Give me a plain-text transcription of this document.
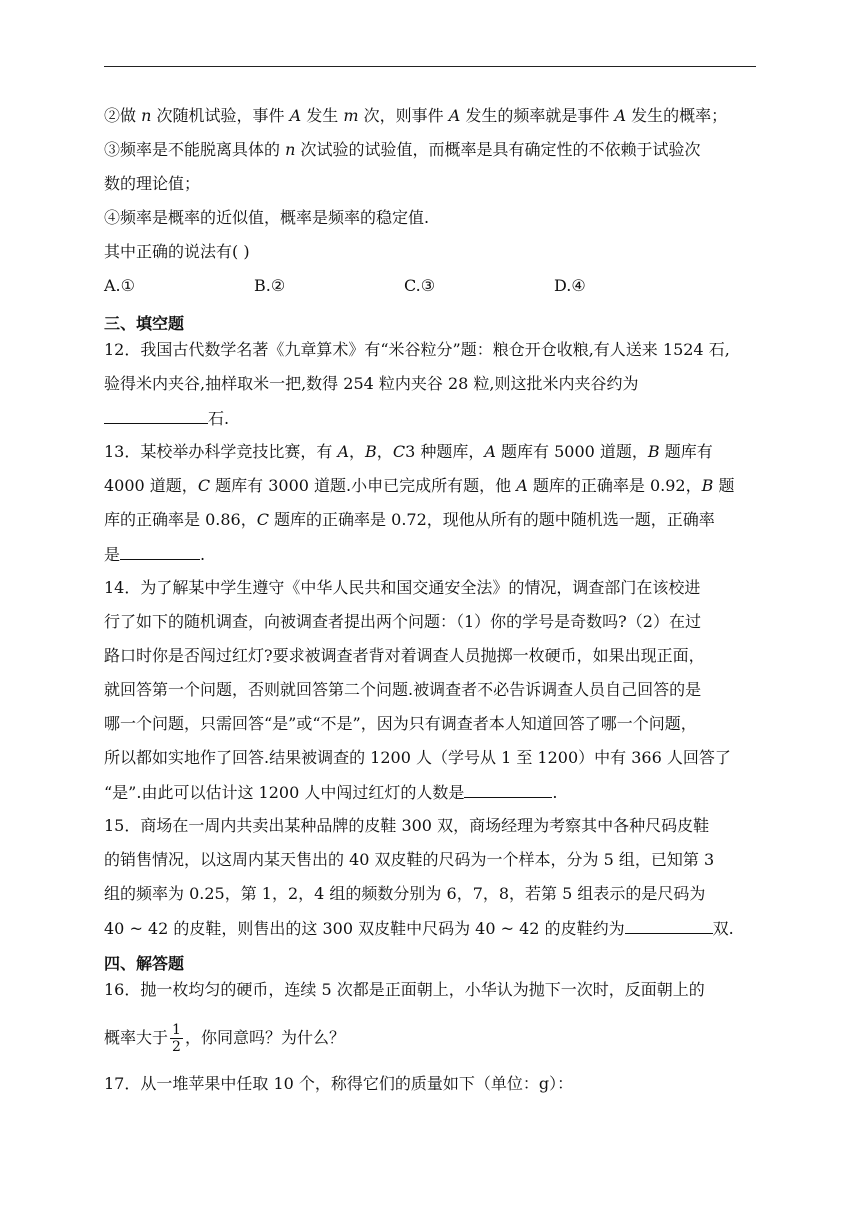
②做 n 次随机试验，事件 A 发生 m 次，则事件 A 发生的频率就是事件 A 发生的概率；
③频率是不能脱离具体的 n 次试验的试验值，而概率是具有确定性的不依赖于试验次
数的理论值；
④频率是概率的近似值，概率是频率的稳定值.
其中正确的说法有( )
A.①	B.②	C.③	D.④
三、填空题
12．我国古代数学名著《九章算术》有“米谷粒分”题：粮仓开仓收粮,有人送来 1524 石,
验得米内夹谷,抽样取米一把,数得 254 粒内夹谷 28 粒,则这批米内夹谷约为
石.
13．某校举办科学竞技比赛，有 A，B，C3 种题库，A 题库有 5000 道题，B 题库有
4000 道题，C 题库有 3000 道题.小申已完成所有题，他 A 题库的正确率是 0.92，B 题
库的正确率是 0.86，C 题库的正确率是 0.72，现他从所有的题中随机选一题，正确率
是	.
14．为了解某中学生遵守《中华人民共和国交通安全法》的情况，调查部门在该校进
行了如下的随机调查，向被调查者提出两个问题：（1）你的学号是奇数吗?（2）在过
路口时你是否闯过红灯?要求被调查者背对着调查人员抛掷一枚硬币，如果出现正面，
就回答第一个问题，否则就回答第二个问题.被调查者不必告诉调查人员自己回答的是
哪一个问题，只需回答“是”或“不是”，因为只有调查者本人知道回答了哪一个问题，
所以都如实地作了回答.结果被调查的 1200 人（学号从 1 至 1200）中有 366 人回答了
“是”.由此可以估计这 1200 人中闯过红灯的人数是	.
15．商场在一周内共卖出某种品牌的皮鞋 300 双，商场经理为考察其中各种尺码皮鞋
的销售情况，以这周内某天售出的 40 双皮鞋的尺码为一个样本，分为 5 组，已知第 3
组的频率为 0.25，第 1，2，4 组的频数分别为 6，7，8，若第 5 组表示的是尺码为
40 ~ 42 的皮鞋，则售出的这 300 双皮鞋中尺码为 40 ~ 42 的皮鞋约为	双.
四、解答题
16．抛一枚均匀的硬币，连续 5 次都是正面朝上，小华认为抛下一次时，反面朝上的
概率大于 $\frac{1}{2}$ ，你同意吗？为什么？
17．从一堆苹果中任取 10 个，称得它们的质量如下（单位：g）：
